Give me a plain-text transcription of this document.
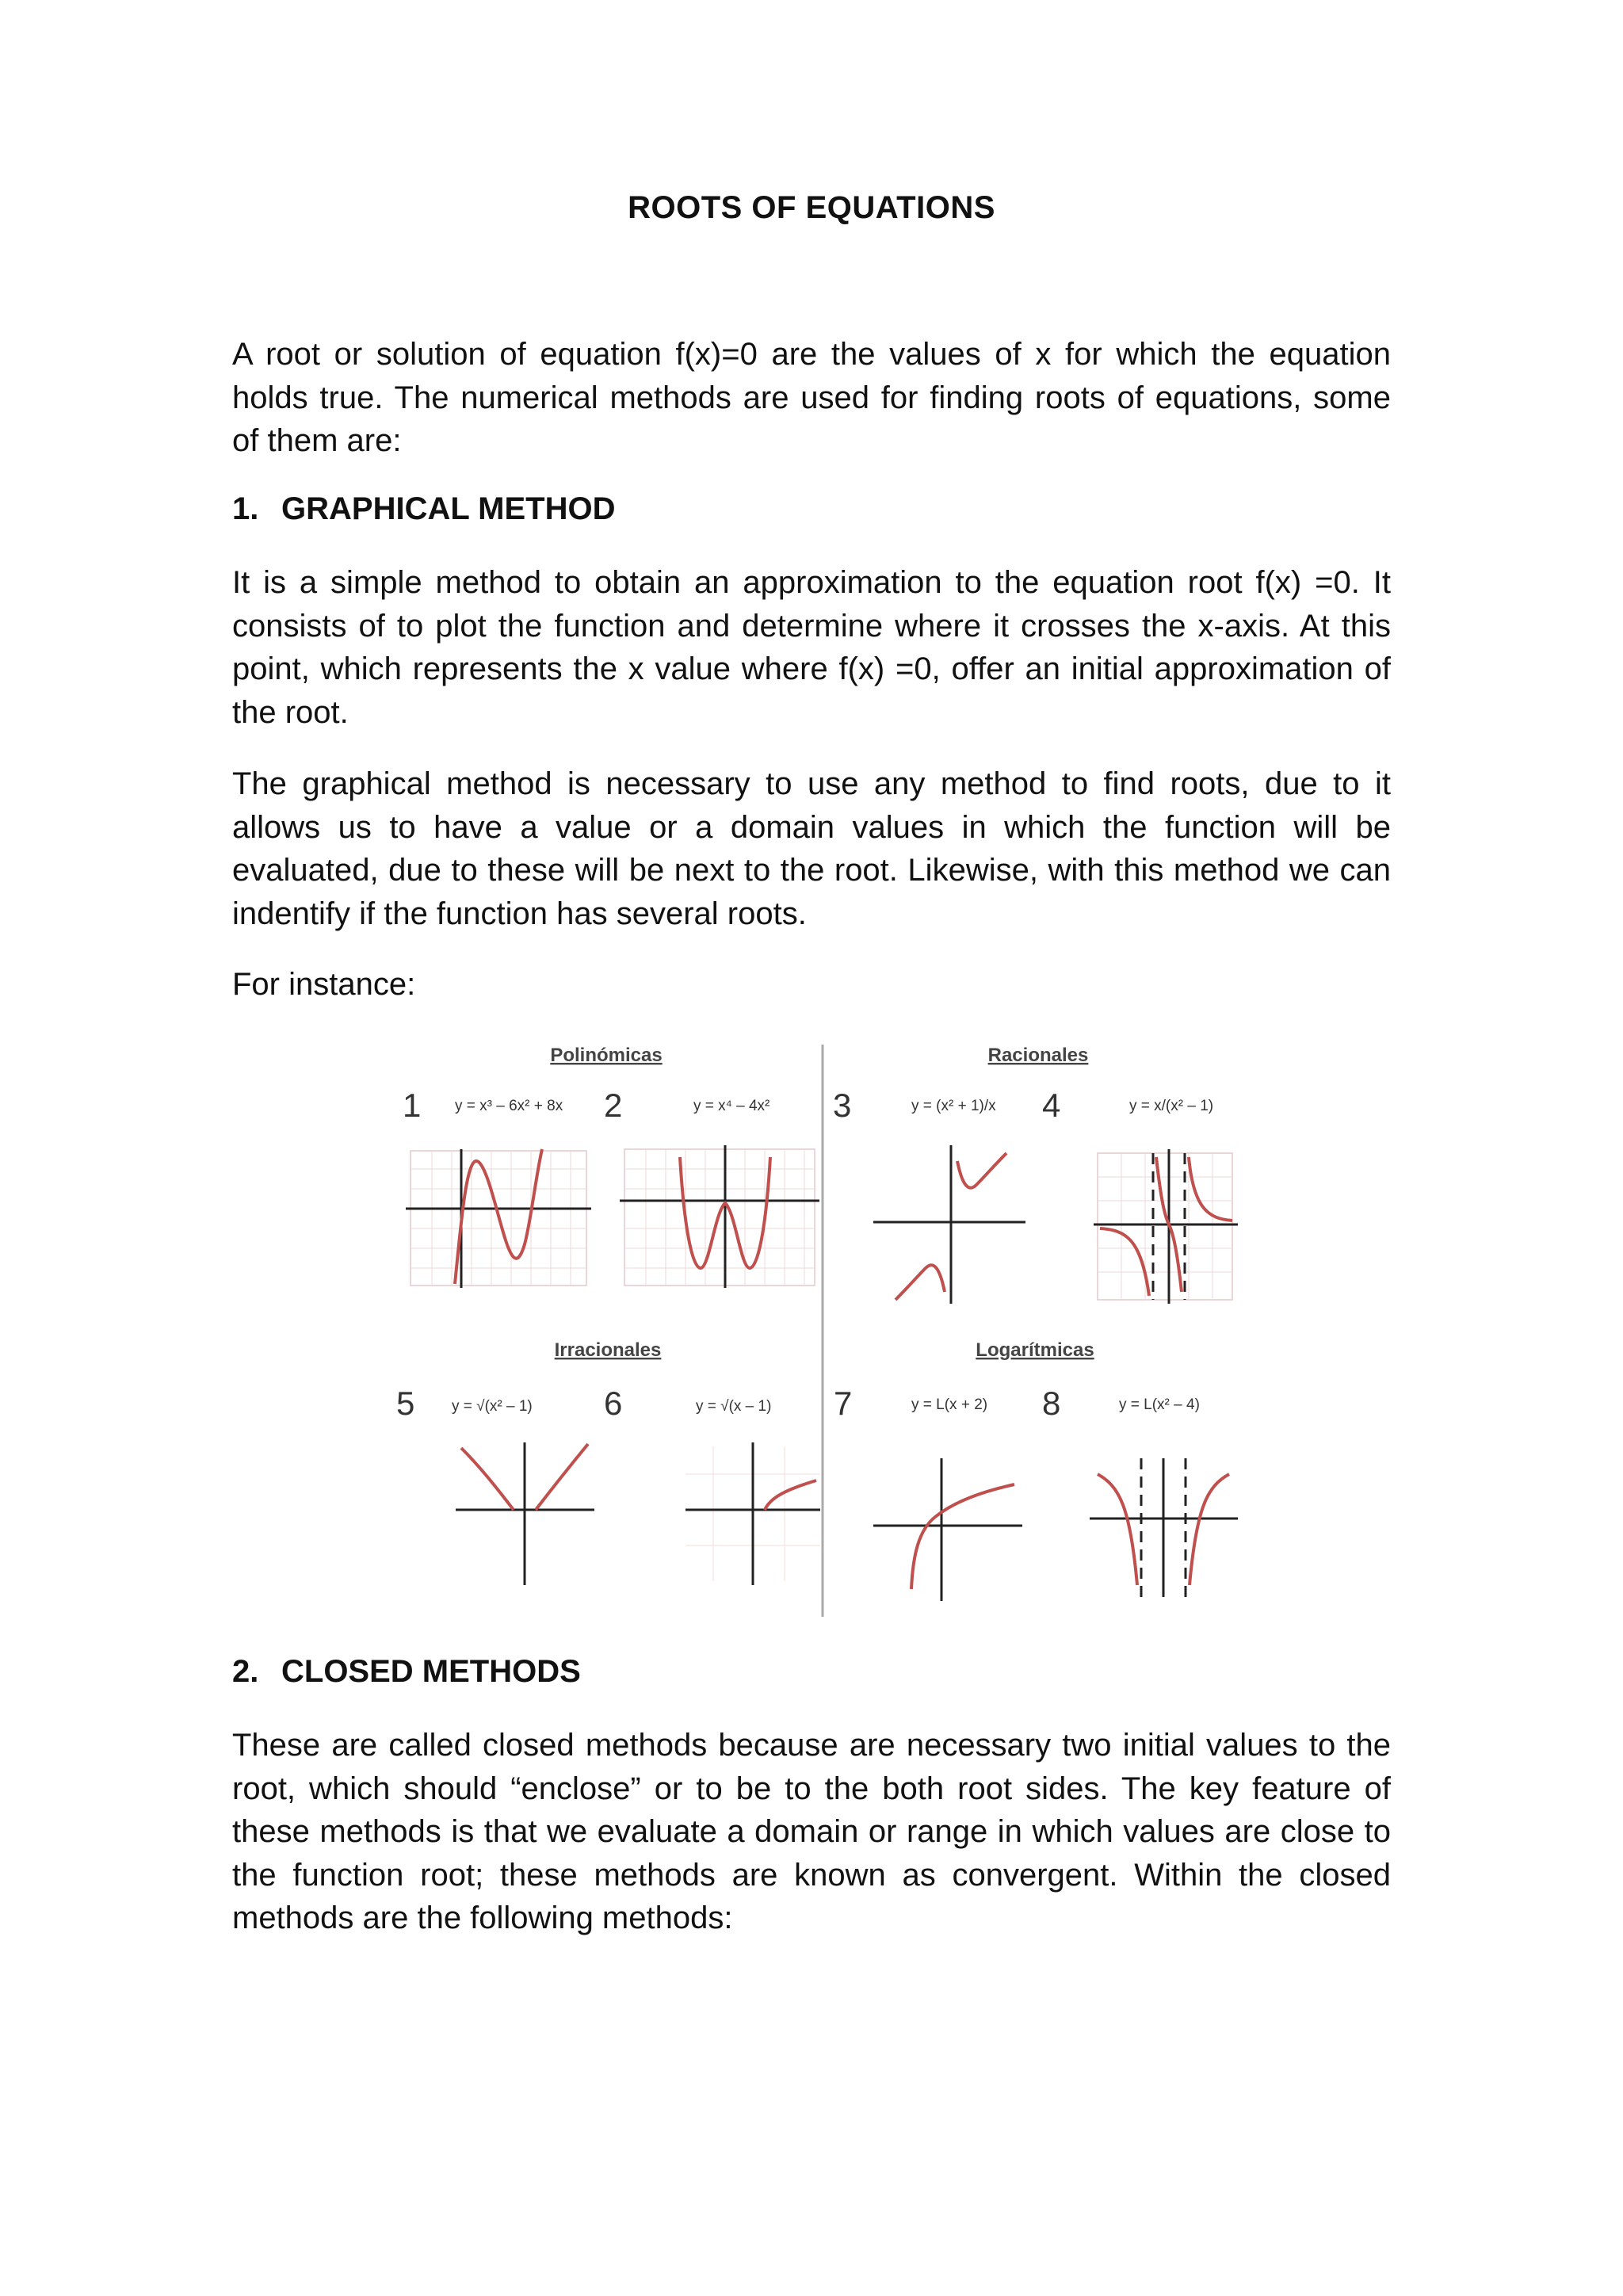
ROOTS OF EQUATIONS

A root or solution of equation f(x)=0 are the values of x for which the equation holds true. The numerical methods are used for finding roots of equations, some of them are:

1. GRAPHICAL METHOD

It is a simple method to obtain an approximation to the equation root f(x) =0. It consists of to plot the function and determine where it crosses the x-axis. At this point, which represents the x value where f(x) =0, offer an initial approximation of the root.

The graphical method is necessary to use any method to find roots, due to it allows us to have a value or a domain values in which the function will be evaluated, due to these will be next to the root. Likewise, with this method we can indentify if the function has several roots.

For instance:

Polinómicas	Racionales
Irracionales	Logarítmicas
1	2	3	4
5	6	7	8
y = x³ – 6x² + 8x	y = x⁴ – 4x²	y = (x² + 1)/x	y = x/(x² – 1)
y = √(x² – 1)	y = √(x – 1)	y = L(x + 2)	y = L(x² – 4)
2. CLOSED METHODS

These are called closed methods because are necessary two initial values to the root, which should “enclose” or to be to the both root sides. The key feature of these methods is that we evaluate a domain or range in which values are close to the function root; these methods are known as convergent. Within the closed methods are the following methods:
